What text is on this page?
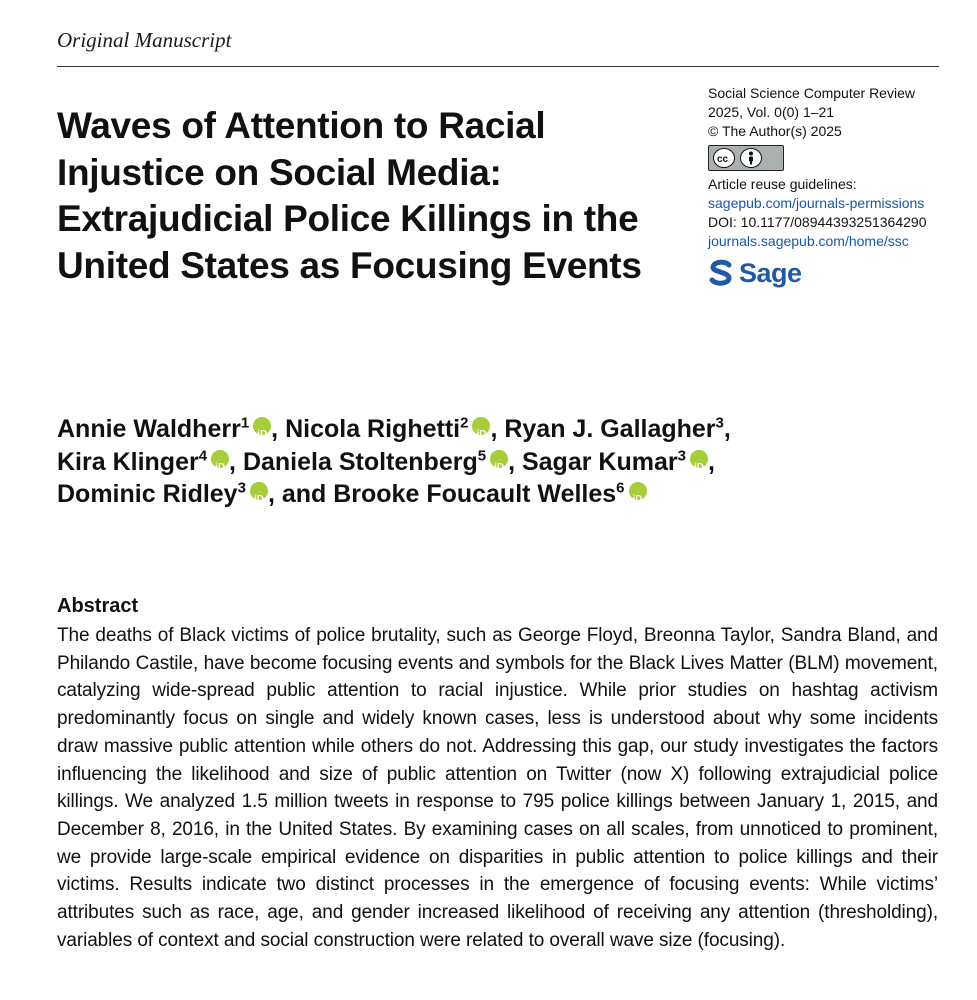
Original Manuscript
Waves of Attention to Racial Injustice on Social Media: Extrajudicial Police Killings in the United States as Focusing Events
Social Science Computer Review
2025, Vol. 0(0) 1–21
© The Author(s) 2025
cc
Article reuse guidelines:
sagepub.com/journals-permissions
DOI: 10.1177/08944393251364290
journals.sagepub.com/home/ssc
Sage

Annie Waldherr$^1$ iD , Nicola Righetti$^2$ iD , Ryan J. Gallagher$^3$,
Kira Klinger$^4$ iD , Daniela Stoltenberg$^5$ iD , Sagar Kumar$^3$ iD ,
Dominic Ridley$^3$ iD , and Brooke Foucault Welles$^6$iD

Abstract

The deaths of Black victims of police brutality, such as George Floyd, Breonna Taylor, Sandra Bland, and Philando Castile, have become focusing events and symbols for the Black Lives Matter (BLM) movement, catalyzing wide-spread public attention to racial injustice. While prior studies on hashtag activism predominantly focus on single and widely known cases, less is understood about why some incidents draw massive public attention while others do not. Addressing this gap, our study investigates the factors influencing the likelihood and size of public attention on Twitter (now X) following extrajudicial police killings. We analyzed 1.5 million tweets in response to 795 police killings between January 1, 2015, and December 8, 2016, in the United States. By examining cases on all scales, from unnoticed to prominent, we provide large-scale empirical evidence on disparities in public attention to police killings and their victims. Results indicate two distinct processes in the emergence of focusing events: While victims’ attributes such as race, age, and gender increased likelihood of receiving any attention (thresholding), variables of context and social construction were related to overall wave size (focusing).
